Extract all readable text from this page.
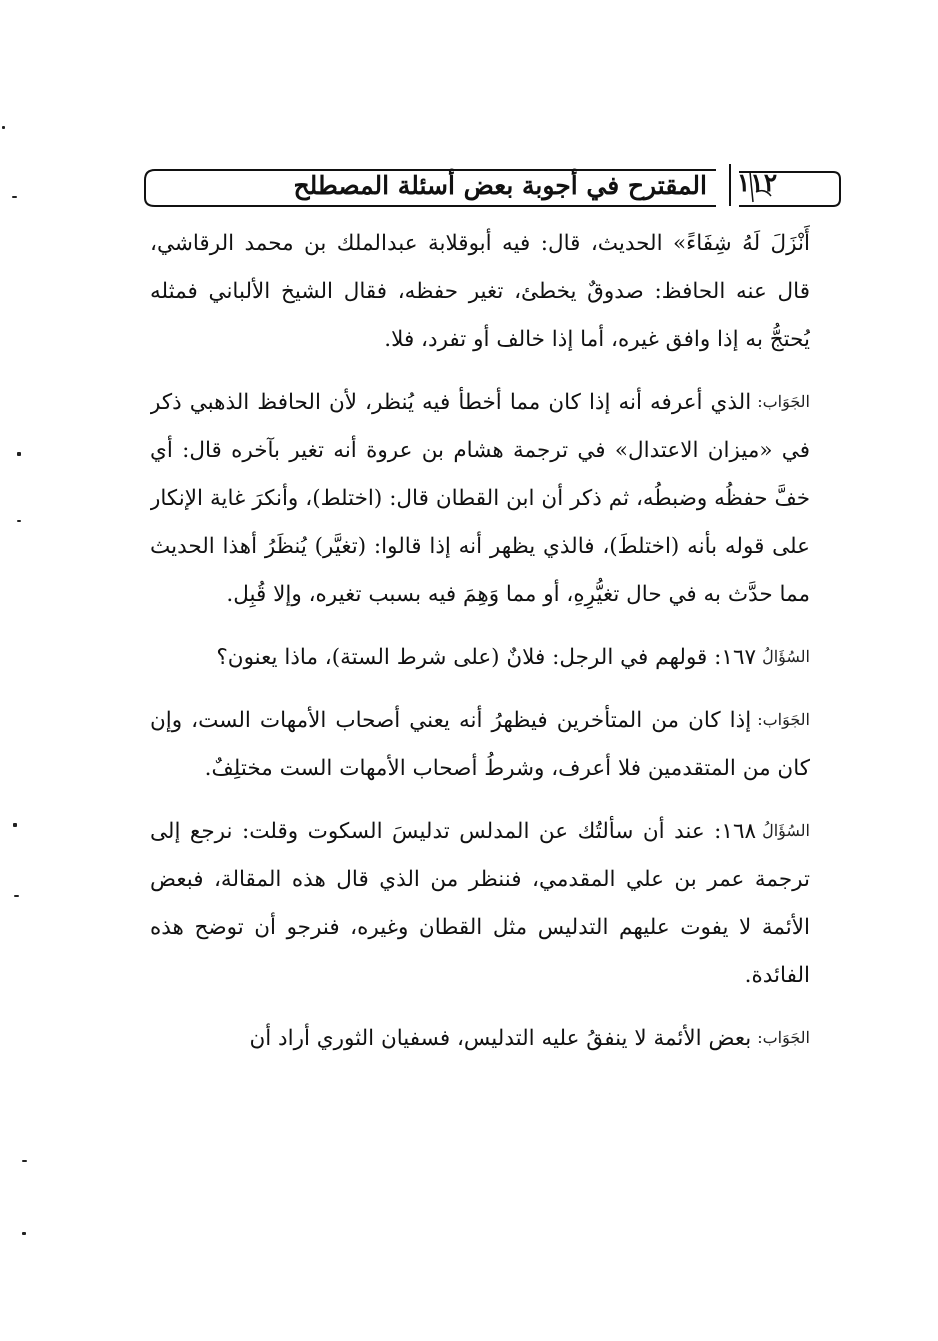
١١٢
المقترح في أجوبة بعض أسئلة المصطلح

أَنْزَلَ لَهُ شِفَاءً» الحديث، قال: فيه أبوقلابة عبدالملك بن محمد الرقاشي، قال عنه الحافظ: صدوقٌ يخطئ، تغير حفظه، فقال الشيخ الألباني فمثله يُحتجُّ به إذا وافق غيره، أما إذا خالف أو تفرد، فلا.

الجَوَاب:الذي أعرفه أنه إذا كان مما أخطأ فيه يُنظر، لأن الحافظ الذهبي ذكر في «ميزان الاعتدال» في ترجمة هشام بن عروة أنه تغير بآخره قال: أي خفَّ حفظُه وضبطُه، ثم ذكر أن ابن القطان قال: (اختلط)، وأنكرَ غاية الإنكار على قوله بأنه (اختلطَ)، فالذي يظهر أنه إذا قالوا: (تغيَّر) يُنظَرُ أهذا الحديث مما حدَّث به في حال تغيُّرِهِ، أو مما وَهِمَ فيه بسبب تغيره، وإلا قُبِل.

السُؤَالُ١٦٧: قولهم في الرجل: فلانٌ (على شرط الستة)، ماذا يعنون؟

الجَوَاب:إذا كان من المتأخرين فيظهرُ أنه يعني أصحاب الأمهات الست، وإن كان من المتقدمين فلا أعرف، وشرطُ أصحاب الأمهات الست مختلِفٌ.

السُؤَالُ١٦٨: عند أن سألتُك عن المدلس تدليسَ السكوت وقلت: نرجع إلى ترجمة عمر بن علي المقدمي، فننظر من الذي قال هذه المقالة، فبعض الأئمة لا يفوت عليهم التدليس مثل القطان وغيره، فنرجو أن توضح هذه الفائدة.

الجَوَاب:بعض الأئمة لا ينفقُ عليه التدليس، فسفيان الثوري أراد أن
